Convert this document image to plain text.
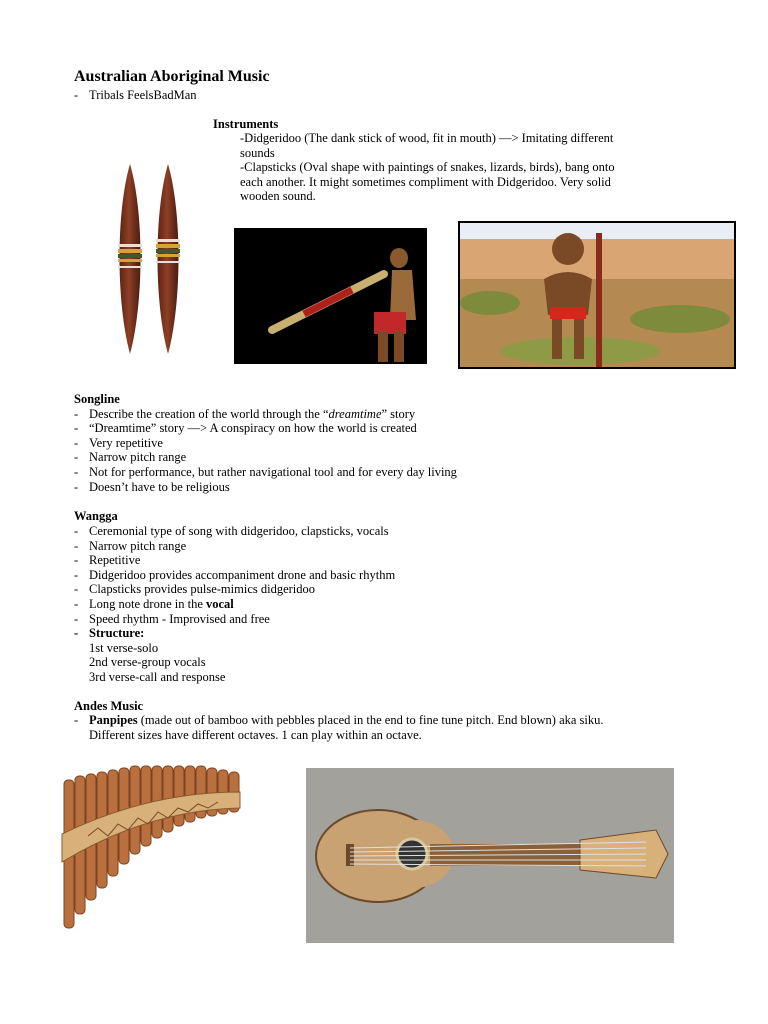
Australian Aboriginal Music
- Tribals FeelsBadMan
Instruments
-Didgeridoo (The dank stick of wood, fit in mouth) —> Imitating different
sounds
-Clapsticks (Oval shape with paintings of snakes, lizards, birds), bang onto
each another. It might sometimes compliment with Didgeridoo. Very solid
wooden sound.
Songline
- Describe the creation of the world through the “dreamtime” story
- “Dreamtime” story —> A conspiracy on how the world is created
- Very repetitive
- Narrow pitch range
- Not for performance, but rather navigational tool and for every day living
- Doesn’t have to be religious
Wangga
- Ceremonial type of song with didgeridoo, clapsticks, vocals
- Narrow pitch range
- Repetitive
- Didgeridoo provides accompaniment drone and basic rhythm
- Clapsticks provides pulse-mimics didgeridoo
- Long note drone in the vocal
- Speed rhythm - Improvised and free
- Structure:
1st verse-solo
2nd verse-group vocals
3rd verse-call and response
Andes Music
- Panpipes (made out of bamboo with pebbles placed in the end to fine tune pitch. End blown) aka siku.
Different sizes have different octaves. 1 can play within an octave.
